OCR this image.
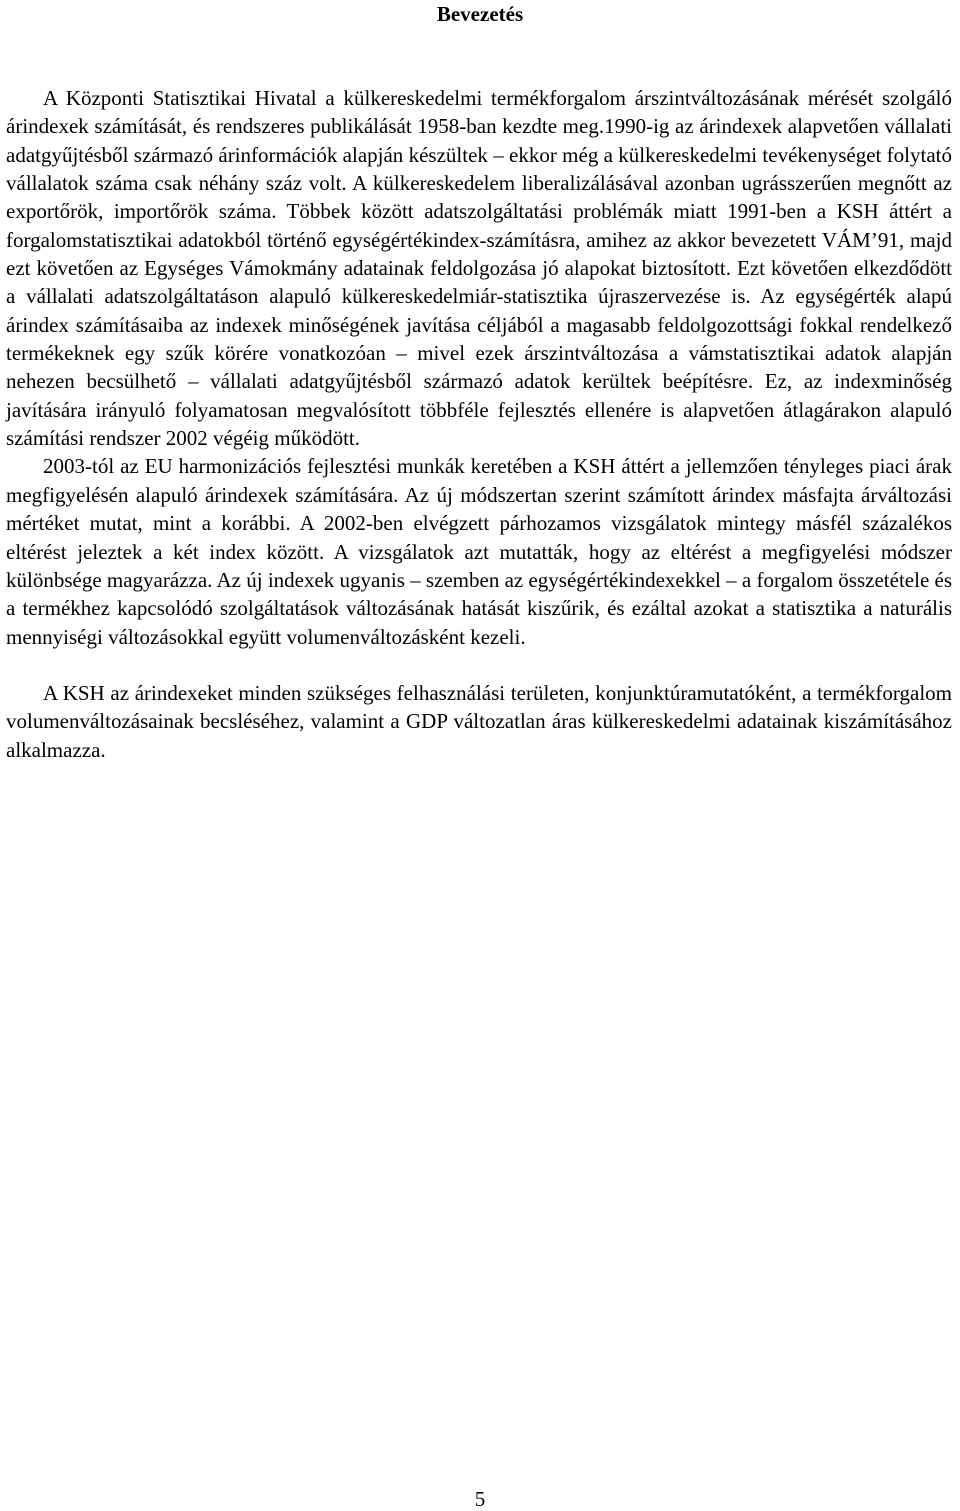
Bevezetés

A Központi Statisztikai Hivatal a külkereskedelmi termékforgalom árszintváltozásának mérését szolgáló árindexek számítását, és rendszeres publikálását 1958-ban kezdte meg.1990-ig az árindexek alapvetően vállalati adatgyűjtésből származó árinformációk alapján készültek – ekkor még a külkereskedelmi tevékenységet folytató vállalatok száma csak néhány száz volt. A külkereskedelem liberalizálásával azonban ugrásszerűen megnőtt az exportőrök, importőrök száma. Többek között adatszolgáltatási problémák miatt 1991-ben a KSH áttért a forgalomstatisztikai adatokból történő egységértékindex-számításra, amihez az akkor bevezetett VÁM’91, majd ezt követően az Egységes Vámokmány adatainak feldolgozása jó alapokat biztosított. Ezt követően elkezdődött a vállalati adatszolgáltatáson alapuló külkereskedelmiár-statisztika újraszervezése is. Az egységérték alapú árindex számításaiba az indexek minőségének javítása céljából a magasabb feldolgozottsági fokkal rendelkező termékeknek egy szűk körére vonatkozóan – mivel ezek árszintváltozása a vámstatisztikai adatok alapján nehezen becsülhető – vállalati adatgyűjtésből származó adatok kerültek beépítésre. Ez, az indexminőség javítására irányuló folyamatosan megvalósított többféle fejlesztés ellenére is alapvetően átlagárakon alapuló számítási rendszer 2002 végéig működött.

2003-tól az EU harmonizációs fejlesztési munkák keretében a KSH áttért a jellemzően tényleges piaci árak megfigyelésén alapuló árindexek számítására. Az új módszertan szerint számított árindex másfajta árváltozási mértéket mutat, mint a korábbi. A 2002-ben elvégzett párhozamos vizsgálatok mintegy másfél százalékos eltérést jeleztek a két index között. A vizsgálatok azt mutatták, hogy az eltérést a megfigyelési módszer különbsége magyarázza. Az új indexek ugyanis – szemben az egységértékindexekkel – a forgalom összetétele és a termékhez kapcsolódó szolgáltatások változásának hatását kiszűrik, és ezáltal azokat a statisztika a naturális mennyiségi változásokkal együtt volumenváltozásként kezeli.

A KSH az árindexeket minden szükséges felhasználási területen, konjunktúramutatóként, a termékforgalom volumenváltozásainak becsléséhez, valamint a GDP változatlan áras külkereskedelmi adatainak kiszámításához alkalmazza.

5
